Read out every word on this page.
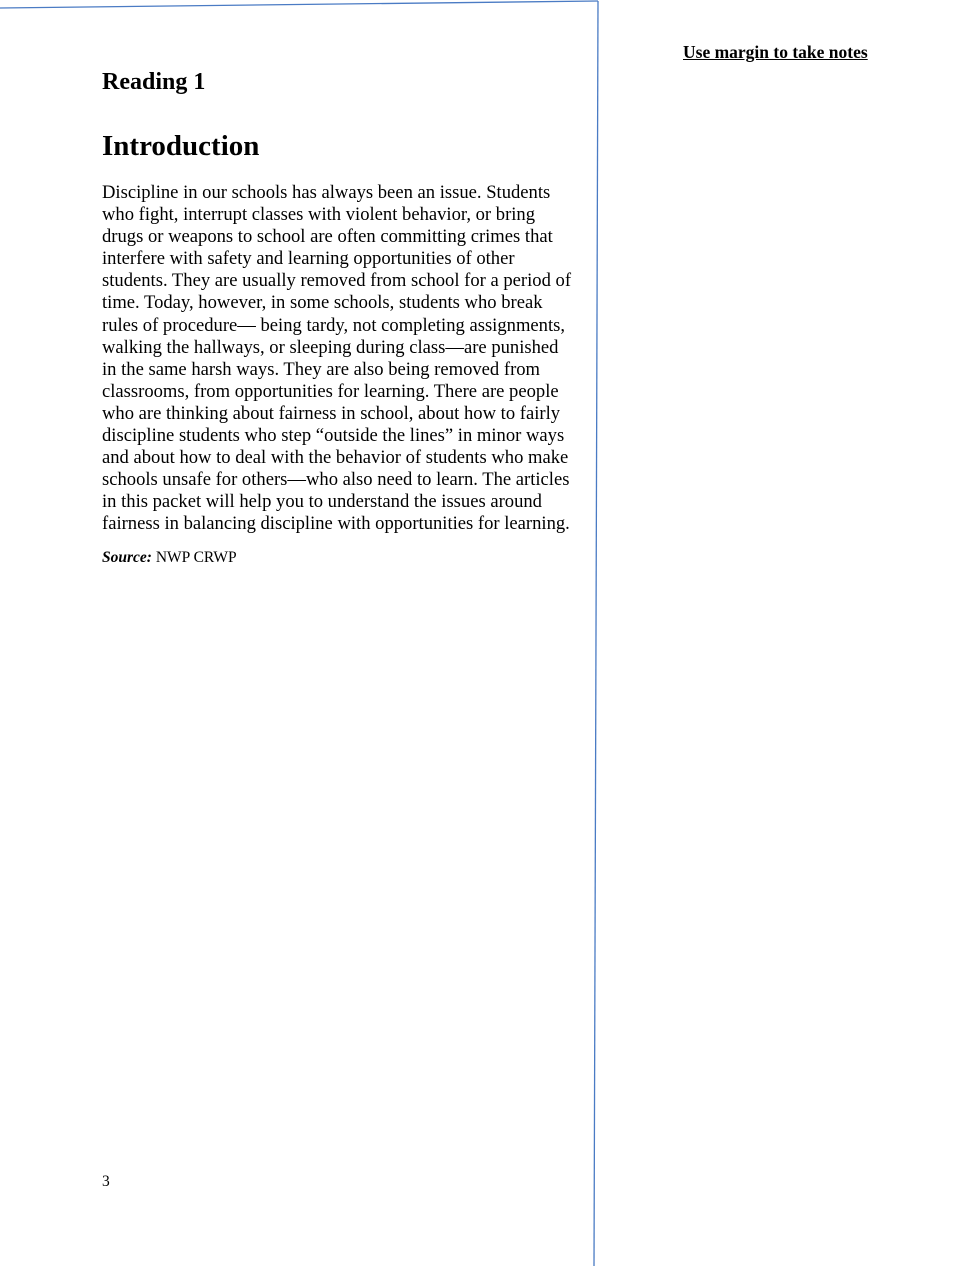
Use margin to take notes
Reading 1
Introduction

Discipline in our schools has always been an issue. Students
who fight, interrupt classes with violent behavior, or bring
drugs or weapons to school are often committing crimes that
interfere with safety and learning opportunities of other
students. They are usually removed from school for a period of
time. Today, however, in some schools, students who break
rules of procedure— being tardy, not completing assignments,
walking the hallways, or sleeping during class—are punished
in the same harsh ways. They are also being removed from
classrooms, from opportunities for learning. There are people
who are thinking about fairness in school, about how to fairly
discipline students who step “outside the lines” in minor ways
and about how to deal with the behavior of students who make
schools unsafe for others—who also need to learn. The articles
in this packet will help you to understand the issues around
fairness in balancing discipline with opportunities for learning.

Source: NWP CRWP

3
